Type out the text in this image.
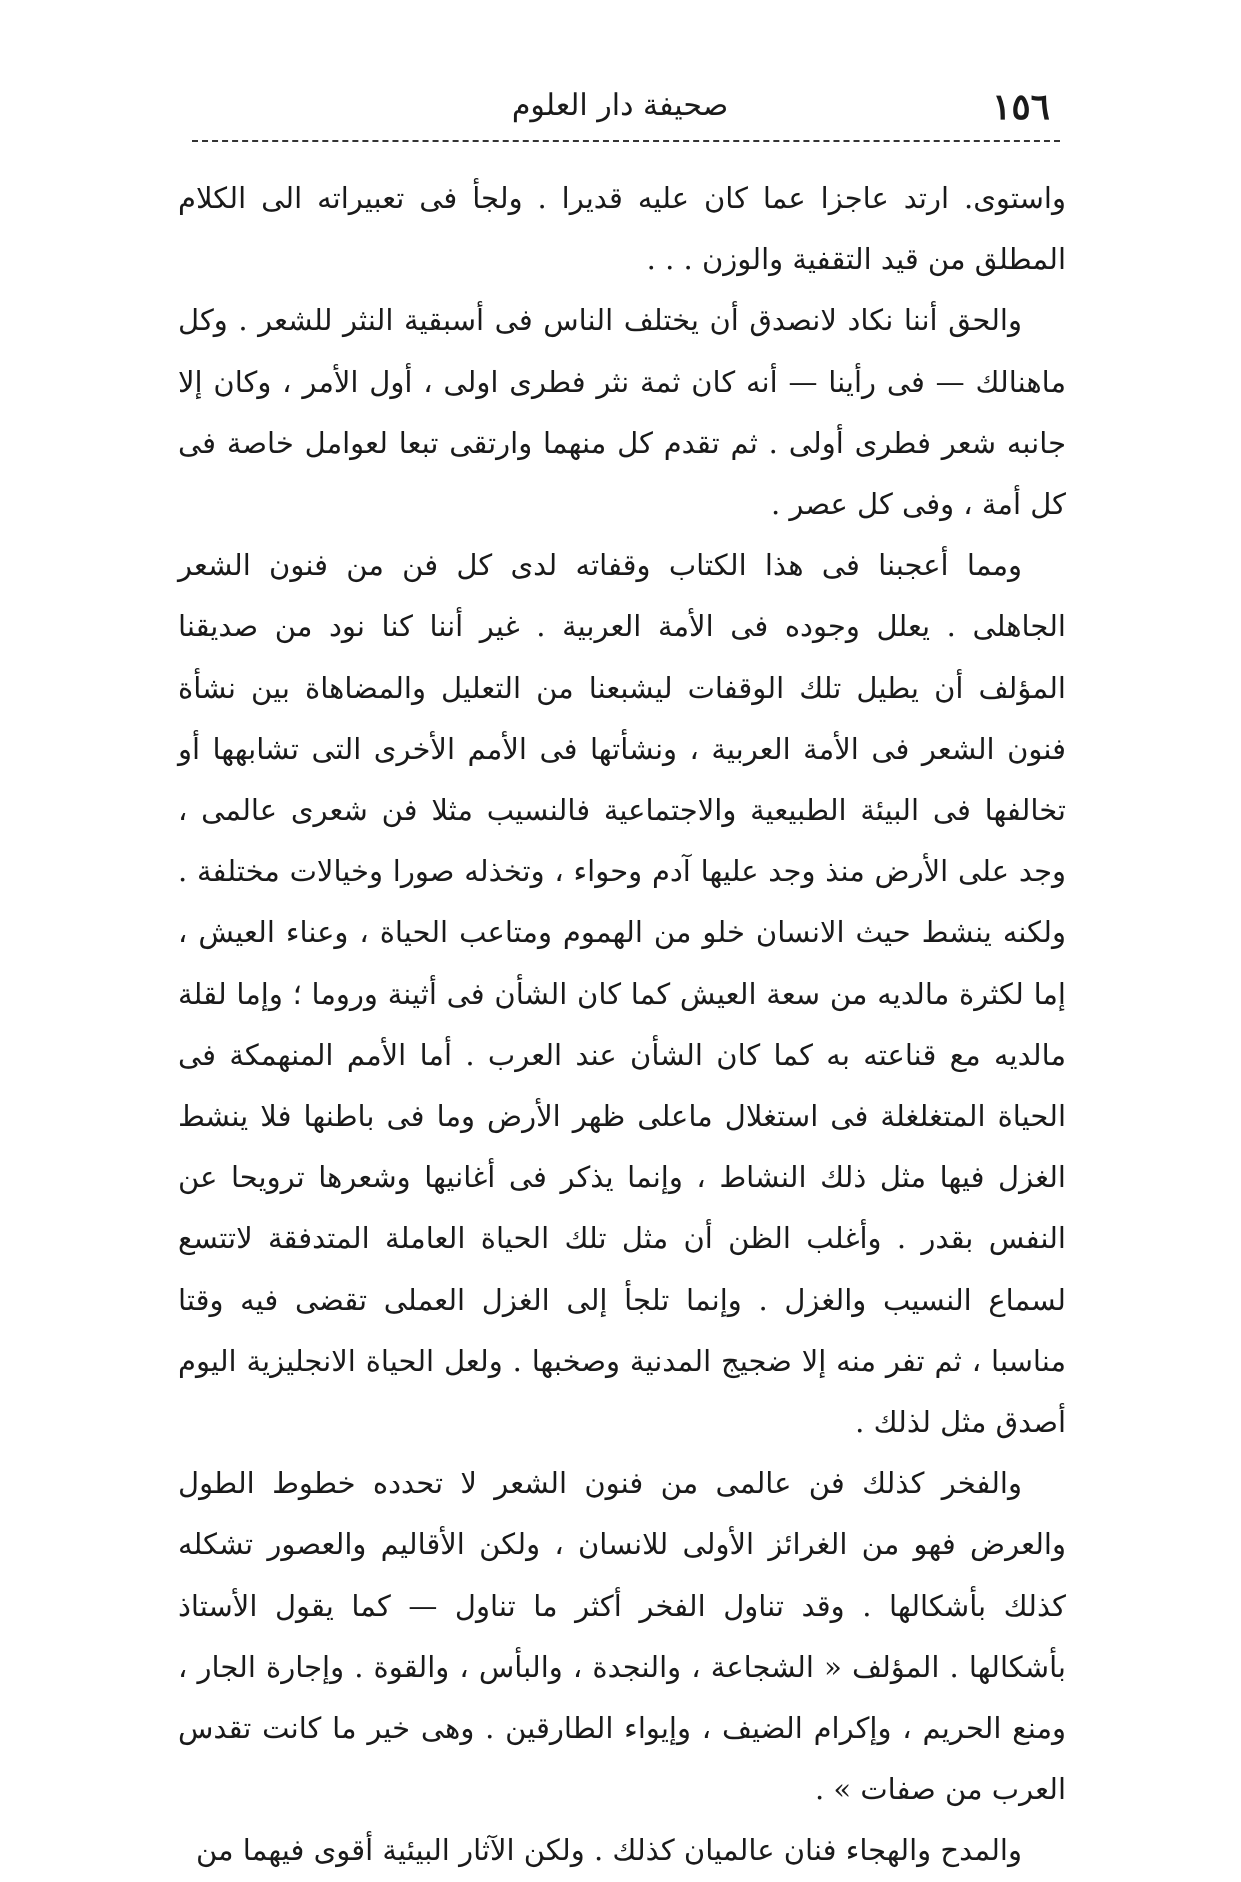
١٥٦
صحيفة دار العلوم

واستوى. ارتد عاجزا عما كان عليه قديرا . ولجأ فى تعبيراته الى الكلام المطلق من قيد التقفية والوزن . . .

والحق أننا نكاد لانصدق أن يختلف الناس فى أسبقية النثر للشعر . وكل ماهنالك — فى رأينا — أنه كان ثمة نثر فطرى اولى ، أول الأمر ، وكان إلا جانبه شعر فطرى أولى . ثم تقدم كل منهما وارتقى تبعا لعوامل خاصة فى كل أمة ، وفى كل عصر .

ومما أعجبنا فى هذا الكتاب وقفاته لدى كل فن من فنون الشعر الجاهلى . يعلل وجوده فى الأمة العربية . غير أننا كنا نود من صديقنا المؤلف أن يطيل تلك الوقفات ليشبعنا من التعليل والمضاهاة بين نشأة فنون الشعر فى الأمة العربية ، ونشأتها فى الأمم الأخرى التى تشابهها أو تخالفها فى البيئة الطبيعية والاجتماعية فالنسيب مثلا فن شعرى عالمى ، وجد على الأرض منذ وجد عليها آدم وحواء ، وتخذله صورا وخيالات مختلفة . ولكنه ينشط حيث الانسان خلو من الهموم ومتاعب الحياة ، وعناء العيش ، إما لكثرة مالديه من سعة العيش كما كان الشأن فى أثينة وروما ؛ وإما لقلة مالديه مع قناعته به كما كان الشأن عند العرب . أما الأمم المنهمكة فى الحياة المتغلغلة فى استغلال ماعلى ظهر الأرض وما فى باطنها فلا ينشط الغزل فيها مثل ذلك النشاط ، وإنما يذكر فى أغانيها وشعرها ترويحا عن النفس بقدر . وأغلب الظن أن مثل تلك الحياة العاملة المتدفقة لاتتسع لسماع النسيب والغزل . وإنما تلجأ إلى الغزل العملى تقضى فيه وقتا مناسبا ، ثم تفر منه إلا ضجيج المدنية وصخبها . ولعل الحياة الانجليزية اليوم أصدق مثل لذلك .

والفخر كذلك فن عالمى من فنون الشعر لا تحدده خطوط الطول والعرض فهو من الغرائز الأولى للانسان ، ولكن الأقاليم والعصور تشكله كذلك بأشكالها . وقد تناول الفخر أكثر ما تناول — كما يقول الأستاذ بأشكالها . المؤلف « الشجاعة ، والنجدة ، والبأس ، والقوة . وإجارة الجار ، ومنع الحريم ، وإكرام الضيف ، وإيواء الطارقين . وهى خير ما كانت تقدس العرب من صفات » .

والمدح والهجاء فنان عالميان كذلك . ولكن الآثار البيئية أقوى فيهما من
